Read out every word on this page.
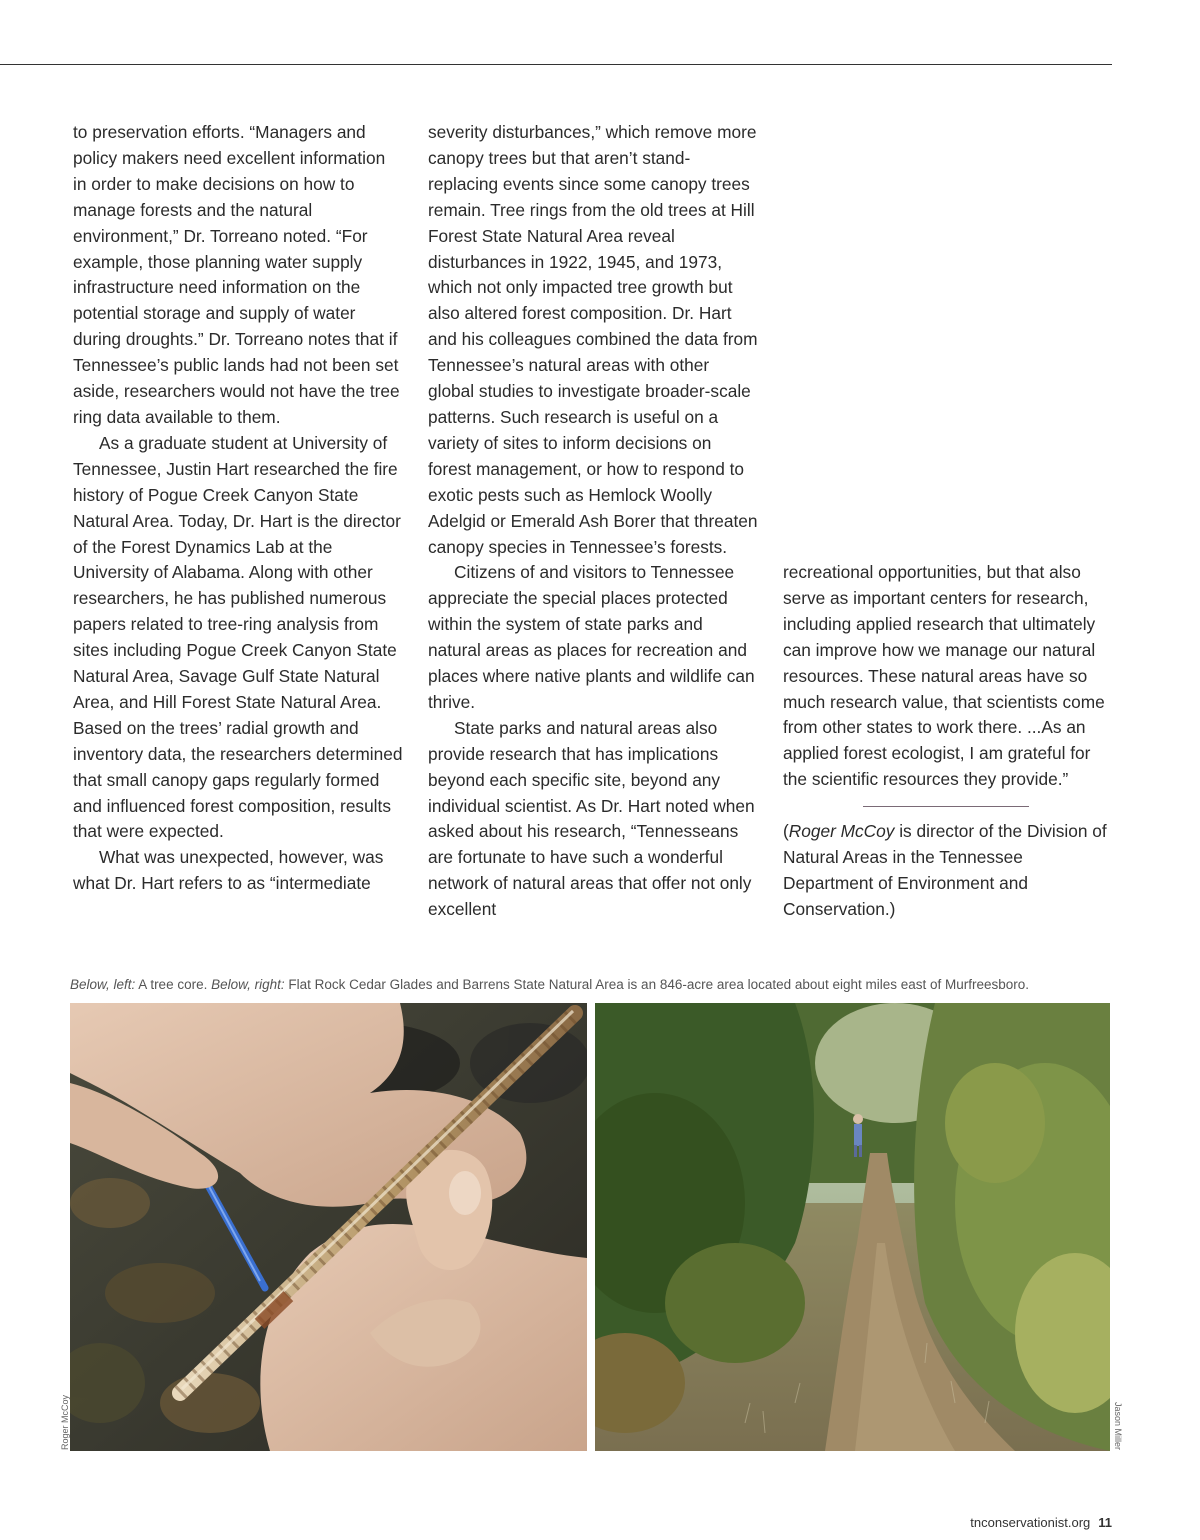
to preservation efforts. “Managers and policy makers need excellent information in order to make decisions on how to manage forests and the natural environment,” Dr. Torreano noted. “For example, those planning water supply infrastructure need information on the potential storage and supply of water during droughts.” Dr. Torreano notes that if Tennessee’s public lands had not been set aside, researchers would not have the tree ring data available to them.

As a graduate student at University of Tennessee, Justin Hart researched the fire history of Pogue Creek Canyon State Natural Area. Today, Dr. Hart is the director of the Forest Dynamics Lab at the University of Alabama. Along with other researchers, he has published numerous papers related to tree-ring analysis from sites including Pogue Creek Canyon State Natural Area, Savage Gulf State Natural Area, and Hill Forest State Natural Area. Based on the trees’ radial growth and inventory data, the researchers determined that small canopy gaps regularly formed and influenced forest composition, results that were expected.

What was unexpected, however, was what Dr. Hart refers to as “intermediate

severity disturbances,” which remove more canopy trees but that aren’t stand-replacing events since some canopy trees remain. Tree rings from the old trees at Hill Forest State Natural Area reveal disturbances in 1922, 1945, and 1973, which not only impacted tree growth but also altered forest composition. Dr. Hart and his colleagues combined the data from Tennessee’s natural areas with other global studies to investigate broader-scale patterns. Such research is useful on a variety of sites to inform decisions on forest management, or how to respond to exotic pests such as Hemlock Woolly Adelgid or Emerald Ash Borer that threaten canopy species in Tennessee’s forests.

Citizens of and visitors to Tennessee appreciate the special places protected within the system of state parks and natural areas as places for recreation and places where native plants and wildlife can thrive.

State parks and natural areas also provide research that has implications beyond each specific site, beyond any individual scientist. As Dr. Hart noted when asked about his research, “Tennesseans are fortunate to have such a wonderful network of natural areas that offer not only excellent

recreational opportunities, but that also serve as important centers for research, including applied research that ultimately can improve how we manage our natural resources. These natural areas have so much research value, that scientists come from other states to work there. ...As an applied forest ecologist, I am grateful for the scientific resources they provide.”

(Roger McCoy is director of the Division of Natural Areas in the Tennessee Department of Environment and Conservation.)

Below, left: A tree core. Below, right: Flat Rock Cedar Glades and Barrens State Natural Area is an 846-acre area located about eight miles east of Murfreesboro.
Roger McCoy	Jason Miller
tnconservationist.org 11
